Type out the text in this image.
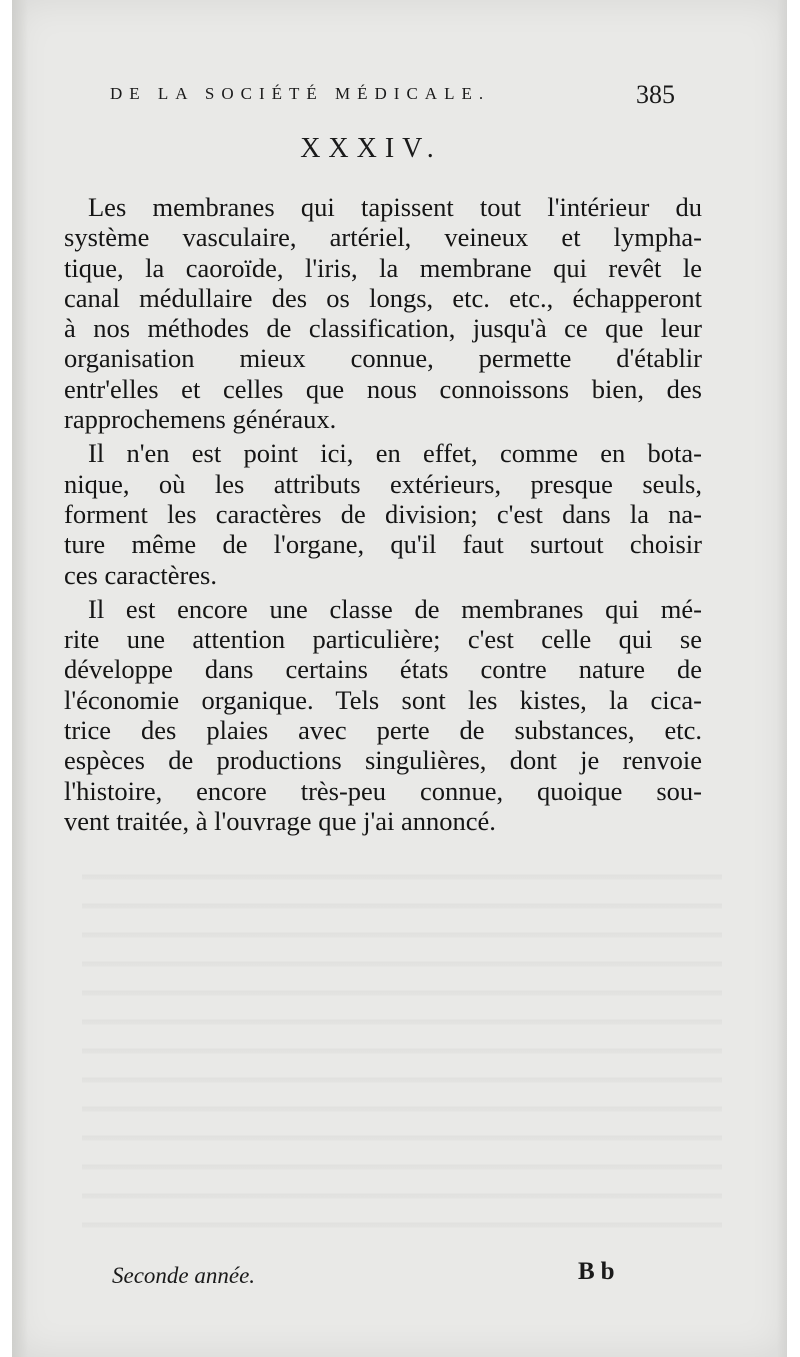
DE LA SOCIÉTÉ MÉDICALE.	385
XXXIV.
Les membranes qui tapissent tout l'intérieur du
système vasculaire, artériel, veineux et lympha-
tique, la caoroïde, l'iris, la membrane qui revêt le
canal médullaire des os longs, etc. etc., échapperont
à nos méthodes de classification, jusqu'à ce que leur
organisation mieux connue, permette d'établir
entr'elles et celles que nous connoissons bien, des
rapprochemens généraux.
Il n'en est point ici, en effet, comme en bota-
nique, où les attributs extérieurs, presque seuls,
forment les caractères de division; c'est dans la na-
ture même de l'organe, qu'il faut surtout choisir
ces caractères.
Il est encore une classe de membranes qui mé-
rite une attention particulière; c'est celle qui se
développe dans certains états contre nature de
l'économie organique. Tels sont les kistes, la cica-
trice des plaies avec perte de substances, etc.
espèces de productions singulières, dont je renvoie
l'histoire, encore très-peu connue, quoique sou-
vent traitée, à l'ouvrage que j'ai annoncé.
Seconde année.	Bb
